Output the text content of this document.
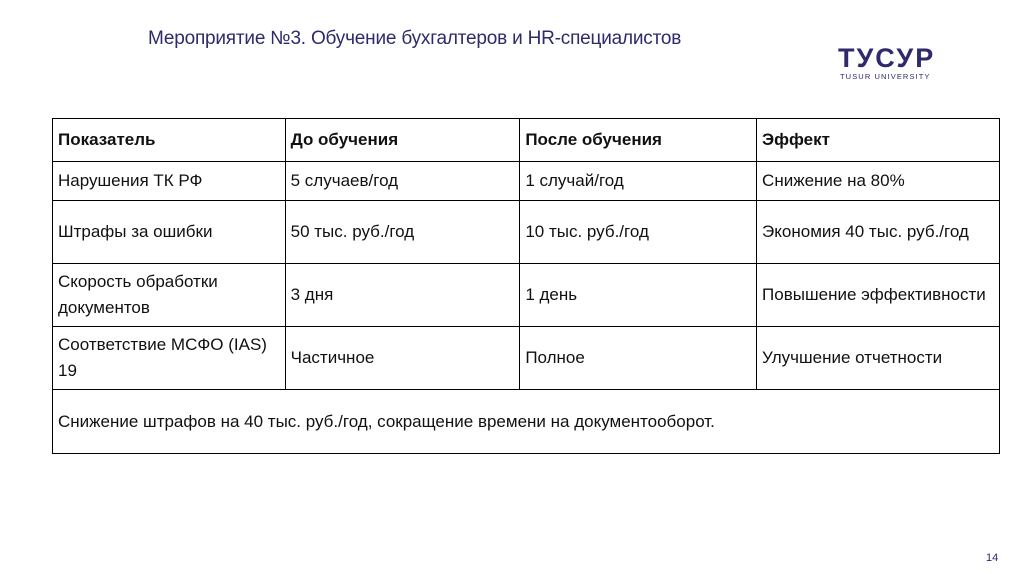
Мероприятие №3. Обучение бухгалтеров и HR-специалистов
ТУСУР
TUSUR UNIVERSITY
Показатель	До обучения	После обучения	Эффект
Нарушения ТК РФ	5 случаев/год	1 случай/год	Снижение на 80%
Штрафы за ошибки	50 тыс. руб./год	10 тыс. руб./год	Экономия 40 тыс. руб./год
Скорость обработки документов	3 дня	1 день	Повышение эффективности
Соответствие МСФО (IAS) 19	Частичное	Полное	Улучшение отчетности
Снижение штрафов на 40 тыс. руб./год, сокращение времени на документооборот.			
14
